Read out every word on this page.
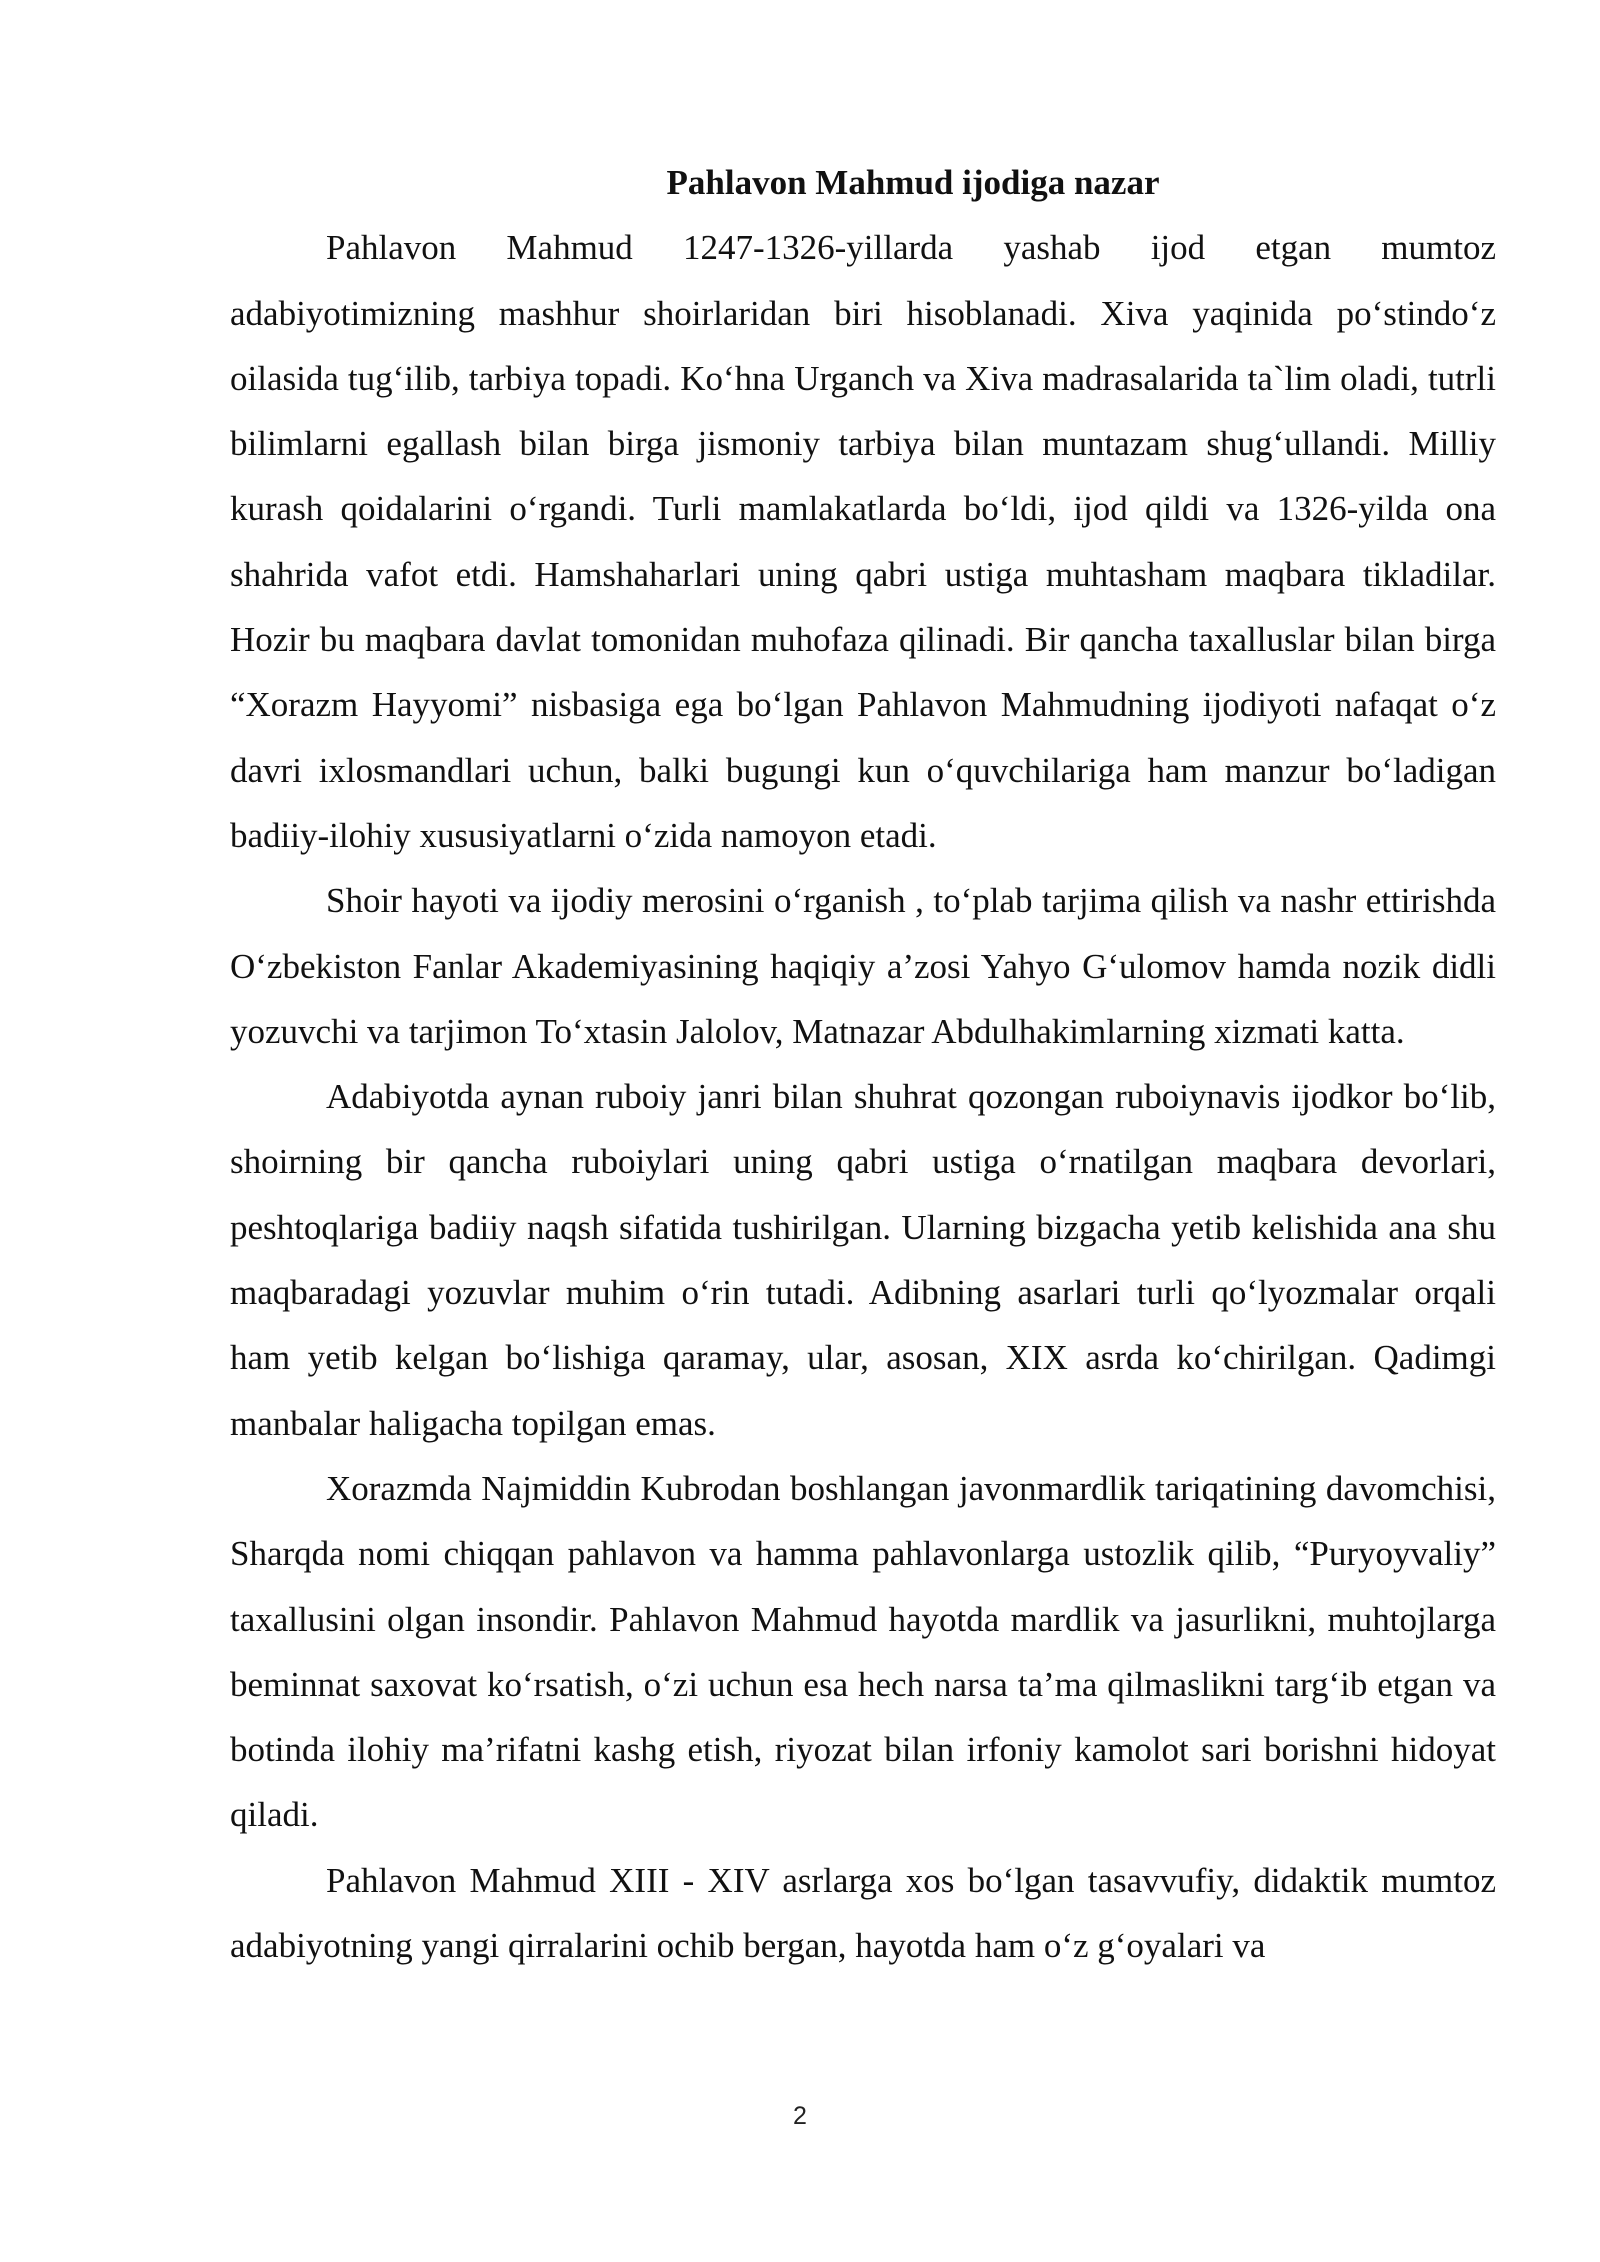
Pahlavon Mahmud ijodiga nazar

Pahlavon Mahmud 1247-1326-yillarda yashab ijod etgan mumtoz adabiyotimizning mashhur shoirlaridan biri hisoblanadi. Xiva yaqinida po‘stindo‘z oilasida tug‘ilib, tarbiya topadi. Ko‘hna Urganch va Xiva madrasalarida ta`lim oladi, tutrli bilimlarni egallash bilan birga jismoniy tarbiya bilan muntazam shug‘ullandi. Milliy kurash qoidalarini o‘rgandi. Turli mamlakatlarda bo‘ldi, ijod qildi va 1326-yilda ona shahrida vafot etdi. Hamshaharlari uning qabri ustiga muhtasham maqbara tikladilar. Hozir bu maqbara davlat tomonidan muhofaza qilinadi. Bir qancha taxalluslar bilan birga “Xorazm Hayyomi” nisbasiga ega bo‘lgan Pahlavon Mahmudning ijodiyoti nafaqat o‘z davri ixlosmandlari uchun, balki bugungi kun o‘quvchilariga ham manzur bo‘ladigan badiiy-ilohiy xususiyatlarni o‘zida namoyon etadi.

Shoir hayoti va ijodiy merosini o‘rganish , to‘plab tarjima qilish va nashr ettirishda O‘zbekiston Fanlar Akademiyasining haqiqiy a’zosi Yahyo G‘ulomov hamda nozik didli yozuvchi va tarjimon To‘xtasin Jalolov, Matnazar Abdulhakimlarning xizmati katta.

Adabiyotda aynan ruboiy janri bilan shuhrat qozongan ruboiynavis ijodkor bo‘lib, shoirning bir qancha ruboiylari uning qabri ustiga o‘rnatilgan maqbara devorlari, peshtoqlariga badiiy naqsh sifatida tushirilgan. Ularning bizgacha yetib kelishida ana shu maqbaradagi yozuvlar muhim o‘rin tutadi. Adibning asarlari turli qo‘lyozmalar orqali ham yetib kelgan bo‘lishiga qaramay, ular, asosan, XIX asrda ko‘chirilgan. Qadimgi manbalar haligacha topilgan emas.

Xorazmda Najmiddin Kubrodan boshlangan javonmardlik tariqatining davomchisi, Sharqda nomi chiqqan pahlavon va hamma pahlavonlarga ustozlik qilib, “Puryoyvaliy” taxallusini olgan insondir. Pahlavon Mahmud hayotda mardlik va jasurlikni, muhtojlarga beminnat saxovat ko‘rsatish, o‘zi uchun esa hech narsa ta’ma qilmaslikni targ‘ib etgan va botinda ilohiy ma’rifatni kashg etish, riyozat bilan irfoniy kamolot sari borishni hidoyat qiladi.

Pahlavon Mahmud XIII - XIV asrlarga xos bo‘lgan tasavvufiy, didaktik mumtoz adabiyotning yangi qirralarini ochib bergan, hayotda ham o‘z g‘oyalari va

2
